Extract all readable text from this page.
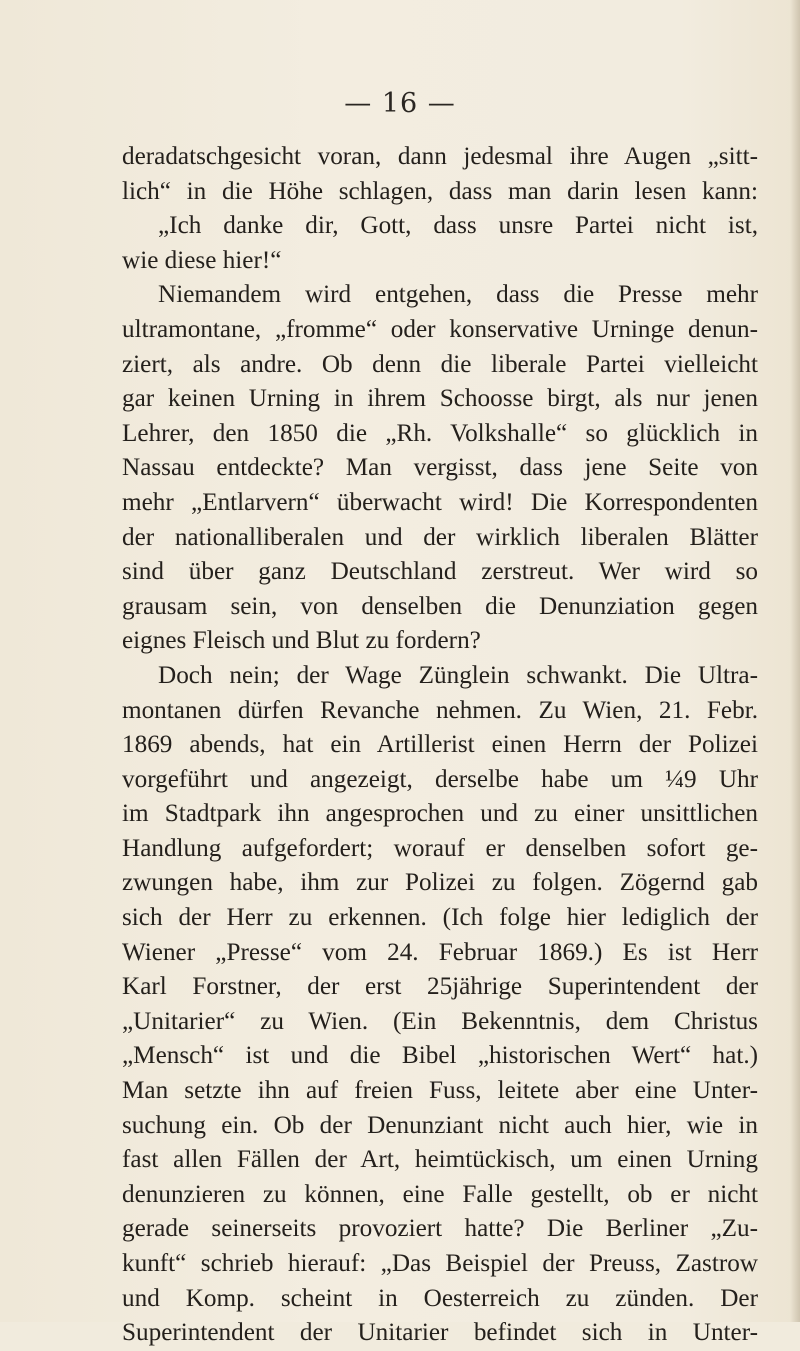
— 16 —
deradatschgesicht voran, dann jedesmal ihre Augen „sitt-
lich“ in die Höhe schlagen, dass man darin lesen kann:
„Ich danke dir, Gott, dass unsre Partei nicht ist,
wie diese hier!“
Niemandem wird entgehen, dass die Presse mehr
ultramontane, „fromme“ oder konservative Urninge denun-
ziert, als andre. Ob denn die liberale Partei vielleicht
gar keinen Urning in ihrem Schoosse birgt, als nur jenen
Lehrer, den 1850 die „Rh. Volkshalle“ so glücklich in
Nassau entdeckte? Man vergisst, dass jene Seite von
mehr „Entlarvern“ überwacht wird! Die Korrespondenten
der nationalliberalen und der wirklich liberalen Blätter
sind über ganz Deutschland zerstreut. Wer wird so
grausam sein, von denselben die Denunziation gegen
eignes Fleisch und Blut zu fordern?
Doch nein; der Wage Zünglein schwankt. Die Ultra-
montanen dürfen Revanche nehmen. Zu Wien, 21. Febr.
1869 abends, hat ein Artillerist einen Herrn der Polizei
vorgeführt und angezeigt, derselbe habe um ¼9 Uhr
im Stadtpark ihn angesprochen und zu einer unsittlichen
Handlung aufgefordert; worauf er denselben sofort ge-
zwungen habe, ihm zur Polizei zu folgen. Zögernd gab
sich der Herr zu erkennen. (Ich folge hier lediglich der
Wiener „Presse“ vom 24. Februar 1869.) Es ist Herr
Karl Forstner, der erst 25jährige Superintendent der
„Unitarier“ zu Wien. (Ein Bekenntnis, dem Christus
„Mensch“ ist und die Bibel „historischen Wert“ hat.)
Man setzte ihn auf freien Fuss, leitete aber eine Unter-
suchung ein. Ob der Denunziant nicht auch hier, wie in
fast allen Fällen der Art, heimtückisch, um einen Urning
denunzieren zu können, eine Falle gestellt, ob er nicht
gerade seinerseits provoziert hatte? Die Berliner „Zu-
kunft“ schrieb hierauf: „Das Beispiel der Preuss, Zastrow
und Komp. scheint in Oesterreich zu zünden. Der
Superintendent der Unitarier befindet sich in Unter-
